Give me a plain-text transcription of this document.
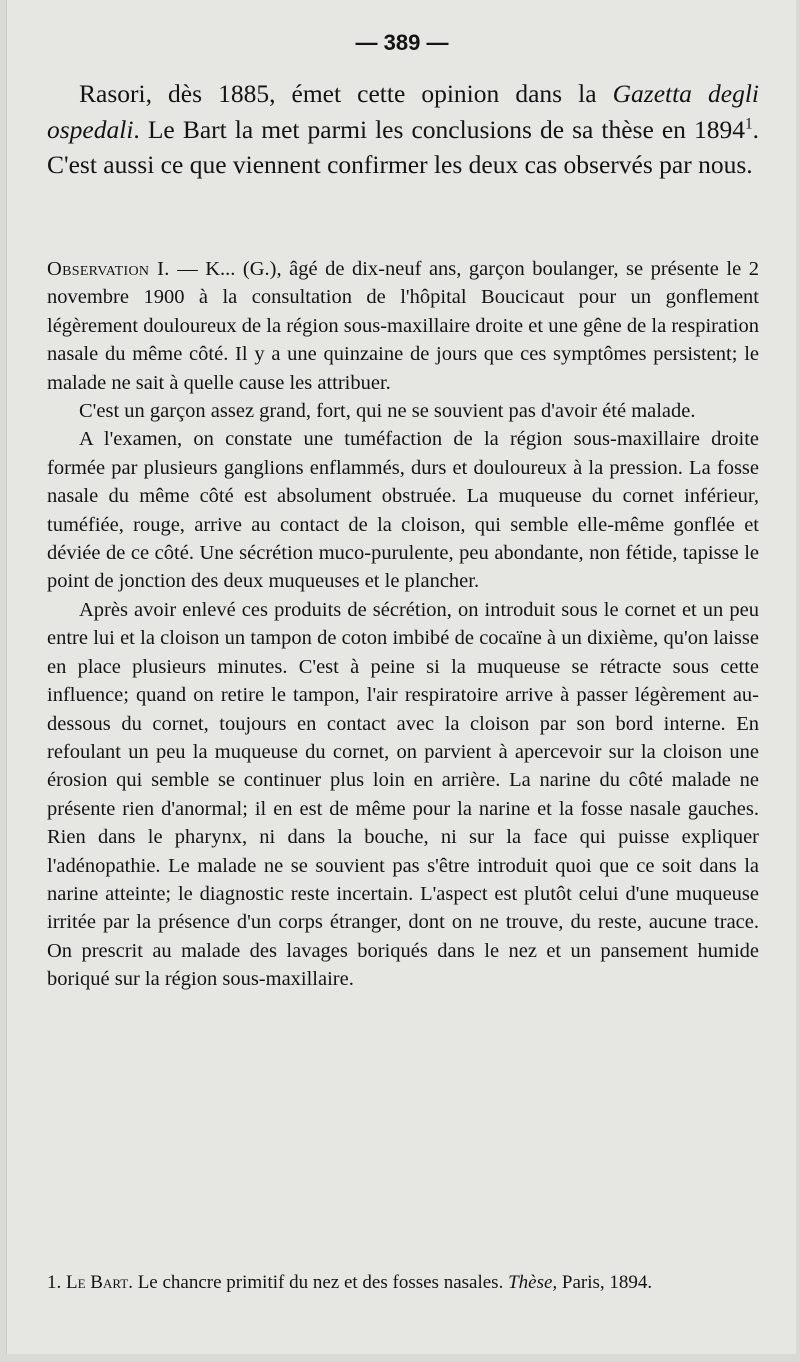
— 389 —
Rasori, dès 1885, émet cette opinion dans la Gazetta degli ospedali. Le Bart la met parmi les conclusions de sa thèse en 1894$^1$. C'est aussi ce que viennent confirmer les deux cas observés par nous.

Observation I. — K... (G.), âgé de dix-neuf ans, garçon boulanger, se présente le 2 novembre 1900 à la consultation de l'hôpital Boucicaut pour un gonflement légèrement douloureux de la région sous-maxillaire droite et une gêne de la respiration nasale du même côté. Il y a une quinzaine de jours que ces symptômes persistent; le malade ne sait à quelle cause les attribuer.

C'est un garçon assez grand, fort, qui ne se souvient pas d'avoir été malade.

A l'examen, on constate une tuméfaction de la région sous-maxillaire droite formée par plusieurs ganglions enflammés, durs et douloureux à la pression. La fosse nasale du même côté est absolument obstruée. La muqueuse du cornet inférieur, tuméfiée, rouge, arrive au contact de la cloison, qui semble elle-même gonflée et déviée de ce côté. Une sécrétion muco-purulente, peu abondante, non fétide, tapisse le point de jonction des deux muqueuses et le plancher.

Après avoir enlevé ces produits de sécrétion, on introduit sous le cornet et un peu entre lui et la cloison un tampon de coton imbibé de cocaïne à un dixième, qu'on laisse en place plusieurs minutes. C'est à peine si la muqueuse se rétracte sous cette influence; quand on retire le tampon, l'air respiratoire arrive à passer légèrement au-dessous du cornet, toujours en contact avec la cloison par son bord interne. En refoulant un peu la muqueuse du cornet, on parvient à apercevoir sur la cloison une érosion qui semble se continuer plus loin en arrière. La narine du côté malade ne présente rien d'anormal; il en est de même pour la narine et la fosse nasale gauches. Rien dans le pharynx, ni dans la bouche, ni sur la face qui puisse expliquer l'adénopathie. Le malade ne se souvient pas s'être introduit quoi que ce soit dans la narine atteinte; le diagnostic reste incertain. L'aspect est plutôt celui d'une muqueuse irritée par la présence d'un corps étranger, dont on ne trouve, du reste, aucune trace. On prescrit au malade des lavages boriqués dans le nez et un pansement humide boriqué sur la région sous-maxillaire.

1. Le Bart. Le chancre primitif du nez et des fosses nasales. Thèse, Paris, 1894.
